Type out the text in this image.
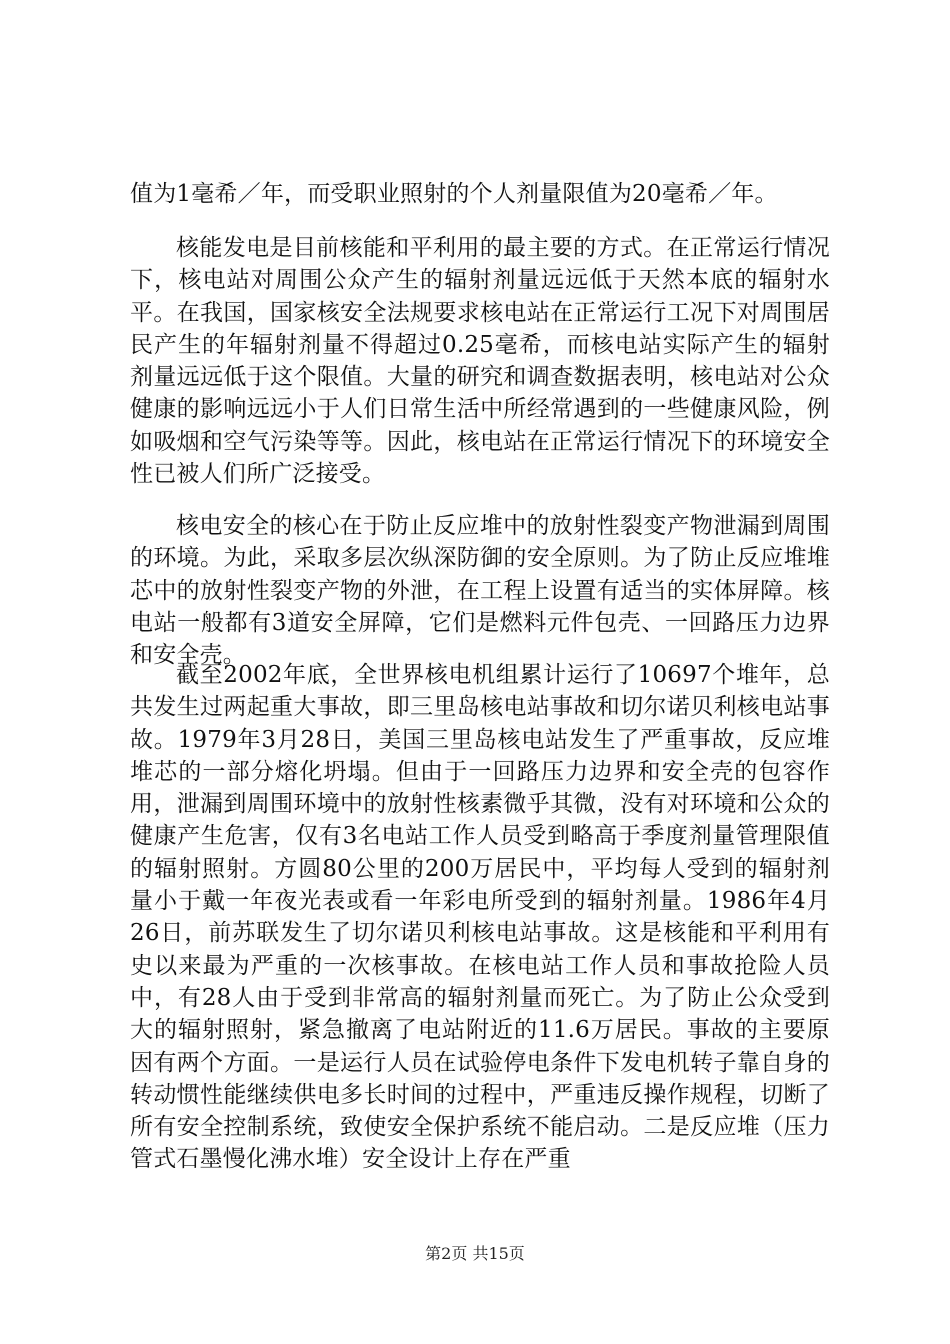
值为1毫希／年，而受职业照射的个人剂量限值为20毫希／年。

核能发电是目前核能和平利用的最主要的方式。在正常运行情况下，核电站对周围公众产生的辐射剂量远远低于天然本底的辐射水平。在我国，国家核安全法规要求核电站在正常运行工况下对周围居民产生的年辐射剂量不得超过0.25毫希，而核电站实际产生的辐射剂量远远低于这个限值。大量的研究和调查数据表明，核电站对公众健康的影响远远小于人们日常生活中所经常遇到的一些健康风险，例如吸烟和空气污染等等。因此，核电站在正常运行情况下的环境安全性已被人们所广泛接受。

核电安全的核心在于防止反应堆中的放射性裂变产物泄漏到周围的环境。为此，采取多层次纵深防御的安全原则。为了防止反应堆堆芯中的放射性裂变产物的外泄，在工程上设置有适当的实体屏障。核电站一般都有3道安全屏障，它们是燃料元件包壳、一回路压力边界和安全壳。

截至2002年底，全世界核电机组累计运行了10697个堆年，总共发生过两起重大事故，即三里岛核电站事故和切尔诺贝利核电站事故。1979年3月28日，美国三里岛核电站发生了严重事故，反应堆堆芯的一部分熔化坍塌。但由于一回路压力边界和安全壳的包容作用，泄漏到周围环境中的放射性核素微乎其微，没有对环境和公众的健康产生危害，仅有3名电站工作人员受到略高于季度剂量管理限值的辐射照射。方圆80公里的200万居民中，平均每人受到的辐射剂量小于戴一年夜光表或看一年彩电所受到的辐射剂量。1986年4月26日，前苏联发生了切尔诺贝利核电站事故。这是核能和平利用有史以来最为严重的一次核事故。在核电站工作人员和事故抢险人员中，有28人由于受到非常高的辐射剂量而死亡。为了防止公众受到大的辐射照射，紧急撤离了电站附近的11.6万居民。事故的主要原因有两个方面。一是运行人员在试验停电条件下发电机转子靠自身的转动惯性能继续供电多长时间的过程中，严重违反操作规程，切断了所有安全控制系统，致使安全保护系统不能启动。二是反应堆（压力管式石墨慢化沸水堆）安全设计上存在严重

第2页 共15页
